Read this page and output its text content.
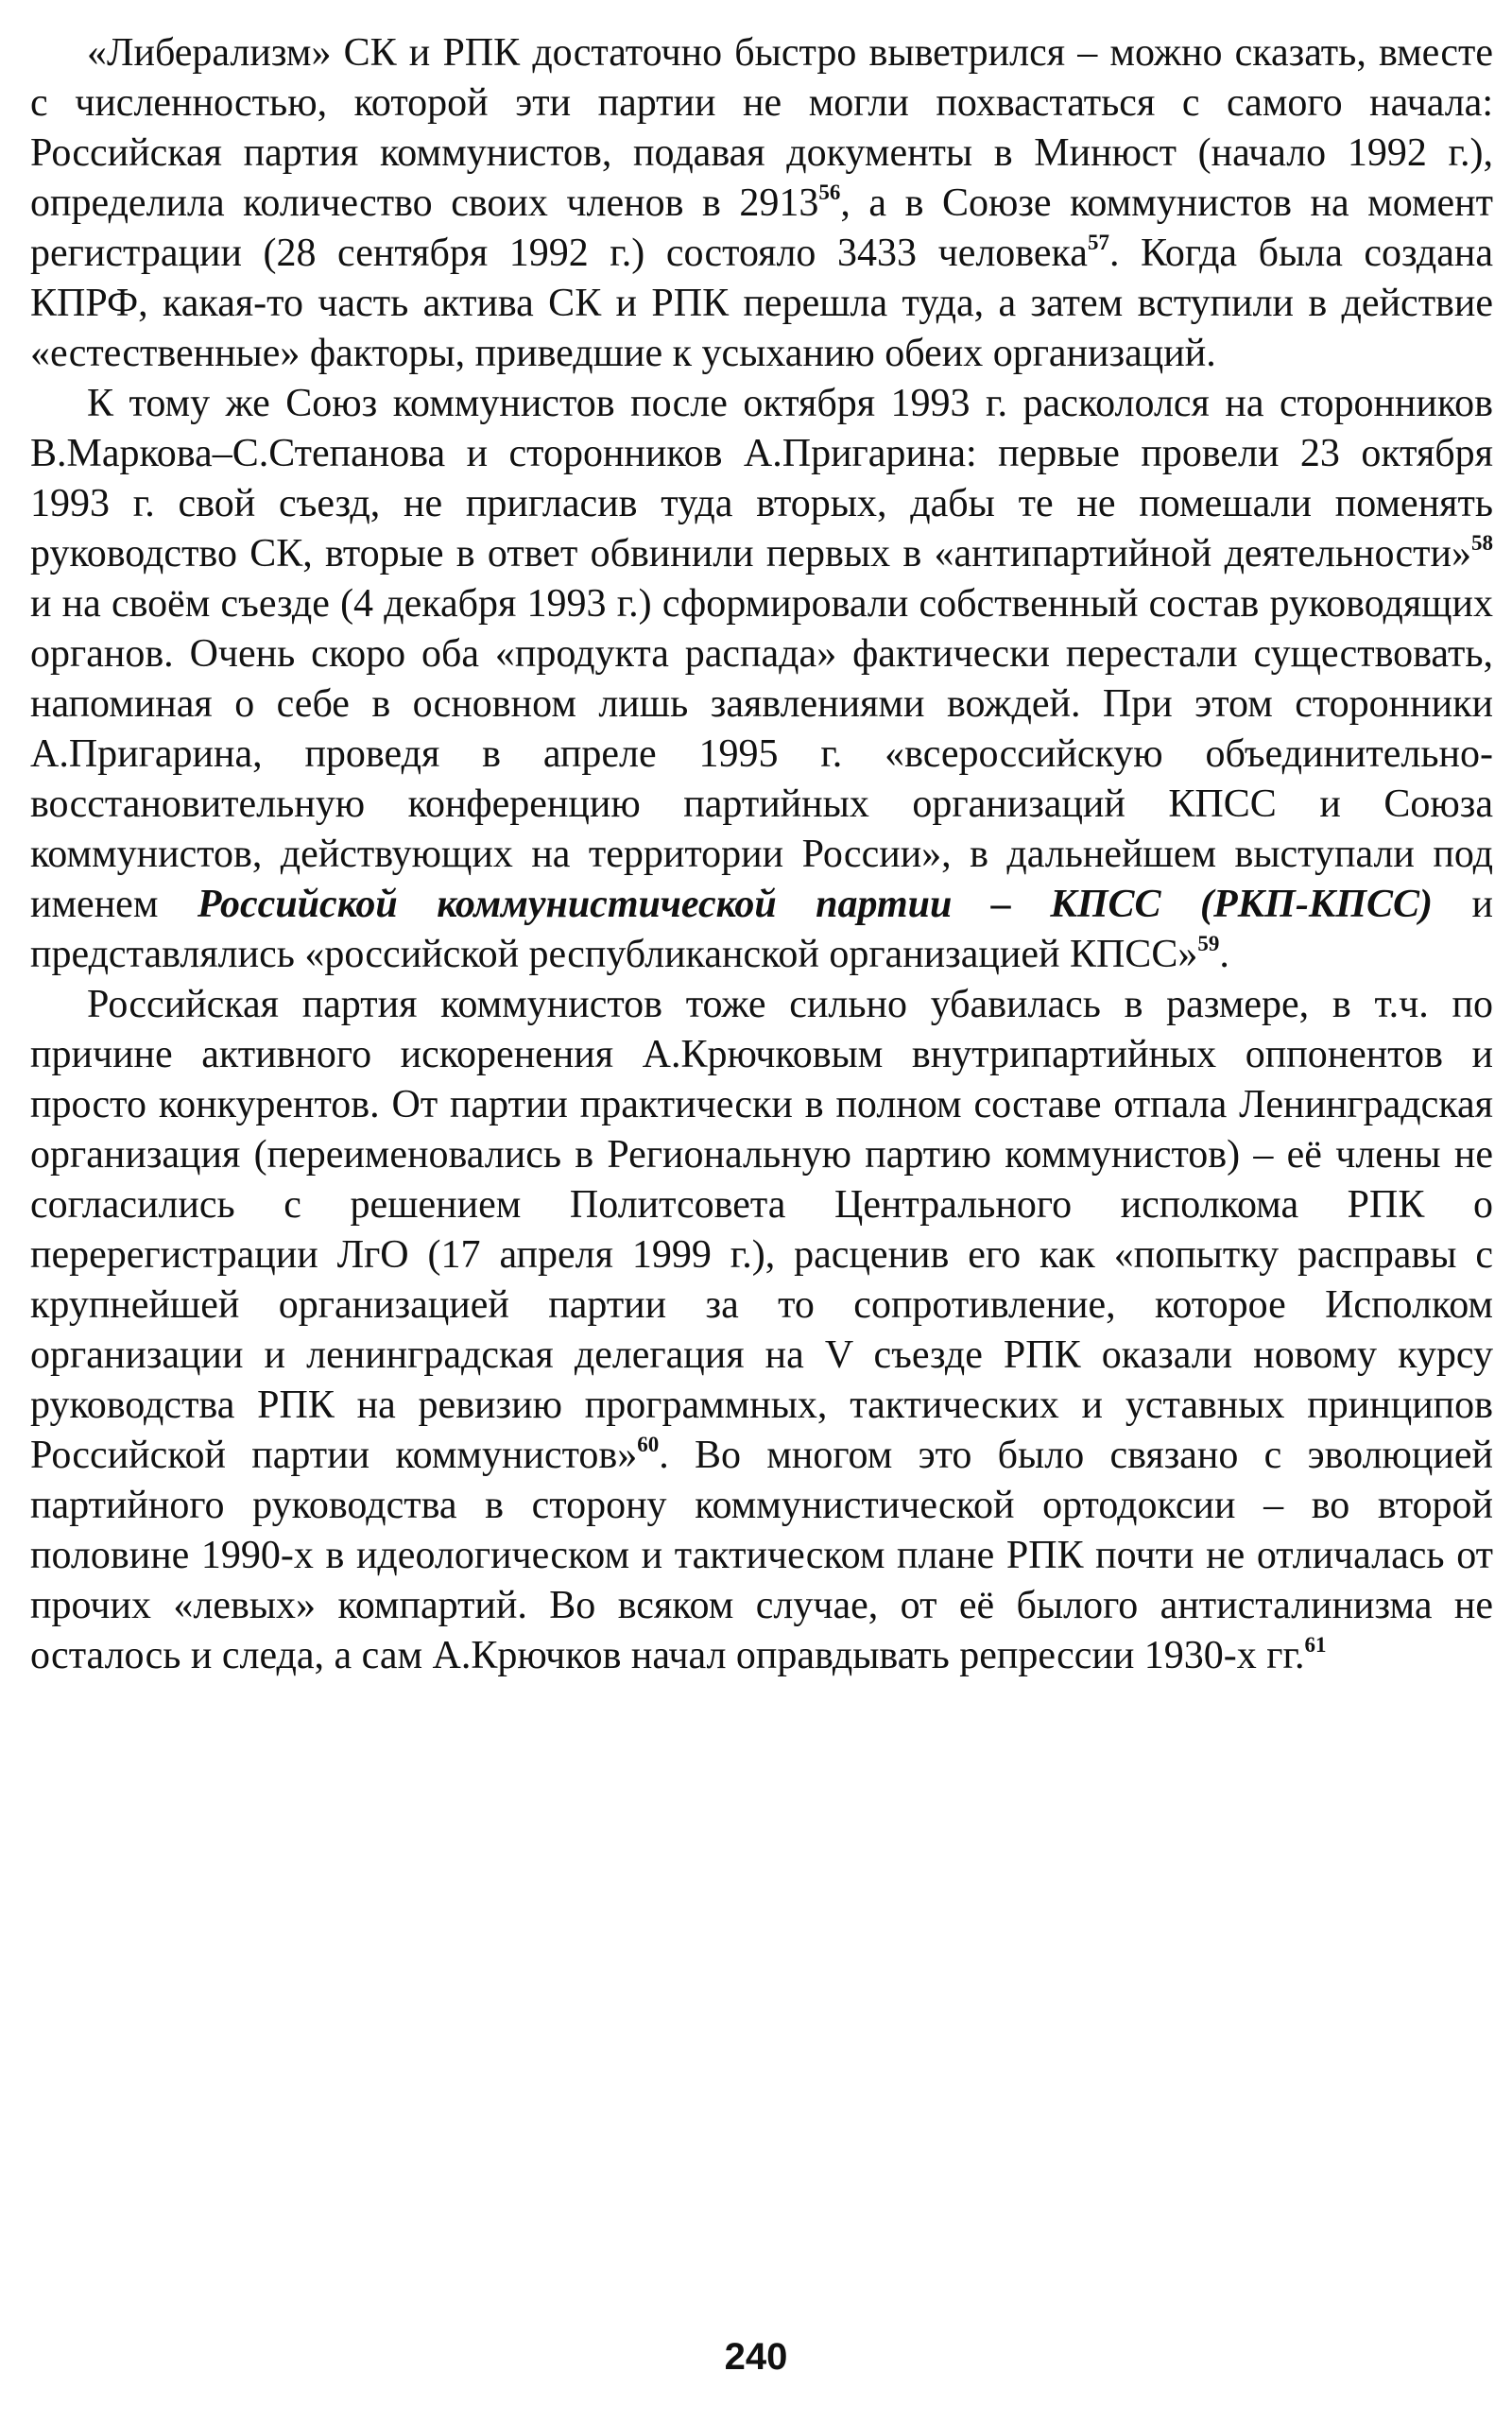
«Либерализм» СК и РПК достаточно быстро выветрился – можно сказать, вместе с численностью, которой эти партии не могли похвастаться с самого начала: Российская партия коммунистов, подавая документы в Минюст (начало 1992 г.), определила количество своих членов в 2913$^{56}$, а в Союзе коммунистов на момент регистрации (28 сентября 1992 г.) состояло 3433 человека$^{57}$. Когда была создана КПРФ, какая-то часть актива СК и РПК перешла туда, а затем вступили в действие «естественные» факторы, приведшие к усыханию обеих организаций.

К тому же Союз коммунистов после октября 1993 г. раскололся на сторонников В.Маркова–С.Степанова и сторонников А.Пригарина: первые провели 23 октября 1993 г. свой съезд, не пригласив туда вторых, дабы те не помешали поменять руководство СК, вторые в ответ обвинили первых в «антипартийной деятельности»$^{58}$ и на своём съезде (4 декабря 1993 г.) сформировали собственный состав руководящих органов. Очень скоро оба «продукта распада» фактически перестали существовать, напоминая о себе в основном лишь заявлениями вождей. При этом сторонники А.Пригарина, проведя в апреле 1995 г. «всероссийскую объединительно-восстановительную конференцию партийных организаций КПСС и Союза коммунистов, действующих на территории России», в дальнейшем выступали под именем Российской коммунистической партии – КПСС (РКП-КПСС) и представлялись «российской республиканской организацией КПСС»$^{59}$.

Российская партия коммунистов тоже сильно убавилась в размере, в т.ч. по причине активного искоренения А.Крючковым внутрипартийных оппонентов и просто конкурентов. От партии практически в полном составе отпала Ленинградская организация (переименовались в Региональную партию коммунистов) – её члены не согласились с решением Политсовета Центрального исполкома РПК о перерегистрации ЛгО (17 апреля 1999 г.), расценив его как «попытку расправы с крупнейшей организацией партии за то сопротивление, которое Исполком организации и ленинградская делегация на V съезде РПК оказали новому курсу руководства РПК на ревизию программных, тактических и уставных принципов Российской партии коммунистов»$^{60}$. Во многом это было связано с эволюцией партийного руководства в сторону коммунистической ортодоксии – во второй половине 1990-х в идеологическом и тактическом плане РПК почти не отличалась от прочих «левых» компартий. Во всяком случае, от её былого антисталинизма не осталось и следа, а сам А.Крючков начал оправдывать репрессии 1930-х гг.$^{61}$

240
